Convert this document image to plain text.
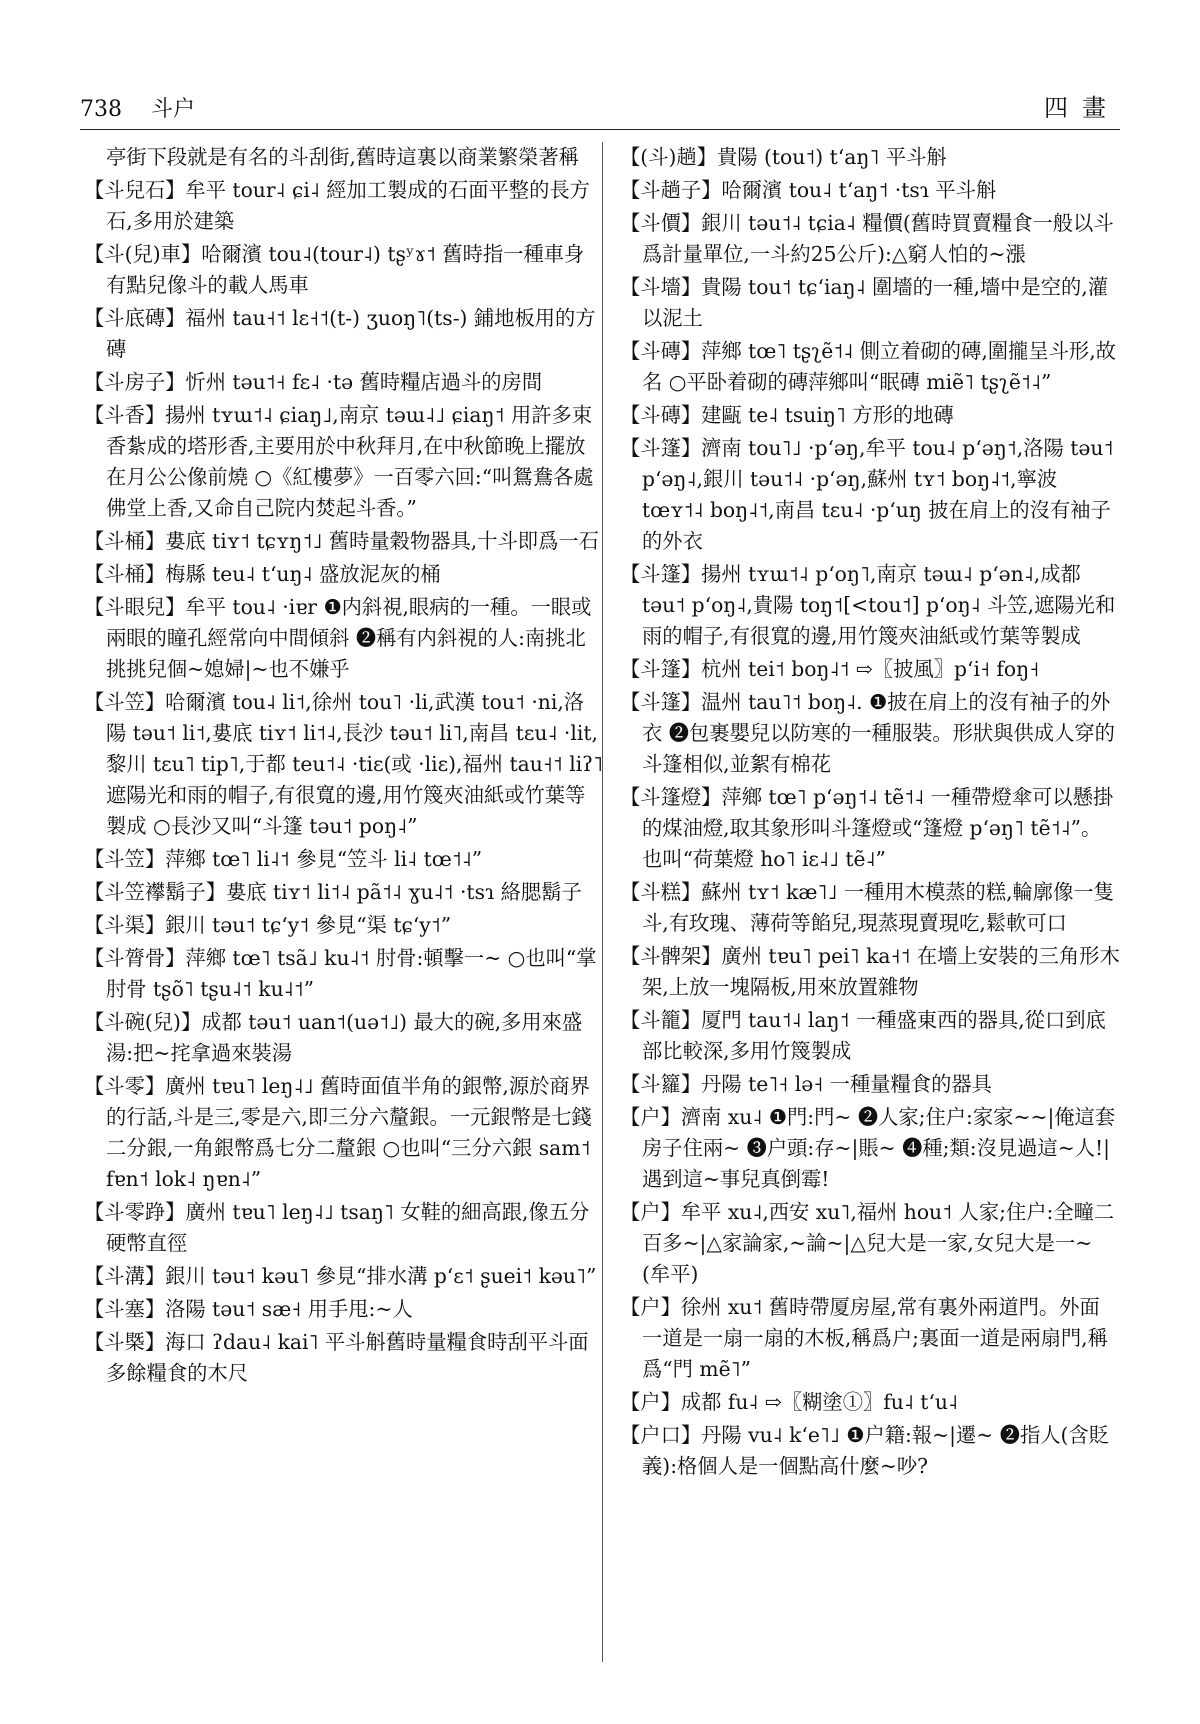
738 斗户	四畫

亭街下段就是有名的斗刮街,舊時這裏以商業繁榮著稱

【斗兒石】牟平 tour˨ ɕi˨ 經加工製成的石面平整的長方石,多用於建築

【斗(兒)車】哈爾濱 tou˨(tour˨) tʂʸɤ˦ 舊時指一種車身有點兒像斗的載人馬車

【斗底磚】福州 tau˧˦ lɛ˧˦(t-) ʒuoŋ˥(ts-) 鋪地板用的方磚

【斗房子】忻州 təu˦˧ fɛ˨ ·tə 舊時糧店過斗的房間

【斗香】揚州 tʏɯ˦˨ ɕiaŋ˩,南京 təɯ˨˩ ɕiaŋ˦ 用許多束香紮成的塔形香,主要用於中秋拜月,在中秋節晚上擺放在月公公像前燒 ○《紅樓夢》一百零六回:“叫鴛鴦各處佛堂上香,又命自己院内焚起斗香。”

【斗桶】婁底 tiʏ˦ tɕʏŋ˦˩ 舊時量穀物器具,十斗即爲一石

【斗桶】梅縣 teu˨ tʻuŋ˨ 盛放泥灰的桶

【斗眼兒】牟平 tou˨ ·iɐr ❶内斜視,眼病的一種。一眼或兩眼的瞳孔經常向中間傾斜 ❷稱有内斜視的人:南挑北挑挑兒個~媳婦|~也不嫌乎

【斗笠】哈爾濱 tou˨ li˦,徐州 tou˥ ·li,武漢 tou˦ ·ni,洛陽 təu˦ li˦,婁底 tiʏ˦ li˦˨,長沙 təu˦ li˥,南昌 tɛu˨ ·lit,黎川 tɛu˥ tip˥,于都 teu˦˨ ·tiɛ(或 ·liɛ),福州 tau˧˦ liʔ˥ 遮陽光和雨的帽子,有很寬的邊,用竹篾夾油紙或竹葉等製成 ○長沙又叫“斗篷 təu˦ poŋ˨”

【斗笠】萍鄉 tœ˥ li˨˦ 參見“笠斗 li˨ tœ˦˨”

【斗笠襻鬍子】婁底 tiʏ˦ li˦˨ pã˦˨ ɣu˨˦ ·tsɿ 絡腮鬍子

【斗渠】銀川 təu˦ tɕʻy˦ 參見“渠 tɕʻy˦”

【斗膂骨】萍鄉 tœ˥ tsã˩ ku˨˦ 肘骨:頓擊一~ ○也叫“掌肘骨 tʂõ˥ tʂu˨˦ ku˨˦”

【斗碗(兒)】成都 təu˦ uan˦(uə˦˩) 最大的碗,多用來盛湯:把~挓拿過來裝湯

【斗零】廣州 tɐu˥ leŋ˨˩ 舊時面值半角的銀幣,源於商界的行話,斗是三,零是六,即三分六釐銀。一元銀幣是七錢二分銀,一角銀幣爲七分二釐銀 ○也叫“三分六銀 sam˦ fɐn˦ lok˨ ŋɐn˨”

【斗零踭】廣州 tɐu˥ leŋ˨˩ tsaŋ˥ 女鞋的細高跟,像五分硬幣直徑

【斗溝】銀川 təu˦ kəu˥ 參見“排水溝 pʻɛ˦ ʂuei˦ kəu˥”

【斗塞】洛陽 təu˦ sæ˧ 用手甩:~人

【斗槩】海口 ʔdau˨ kai˥ 平斗斛舊時量糧食時刮平斗面多餘糧食的木尺

【(斗)趟】貴陽 (tou˦) tʻaŋ˥ 平斗斛

【斗趟子】哈爾濱 tou˨ tʻaŋ˦ ·tsɿ 平斗斛

【斗價】銀川 təu˦˨ tɕia˨ 糧價(舊時買賣糧食一般以斗爲計量單位,一斗約25公斤):△窮人怕的~漲

【斗墻】貴陽 tou˦ tɕʻiaŋ˨ 圍墻的一種,墻中是空的,灌以泥土

【斗磚】萍鄉 tœ˥ tʂʅẽ˦˨ 側立着砌的磚,圍攏呈斗形,故名 ○平卧着砌的磚萍鄉叫“眠磚 miẽ˥ tʂʅẽ˦˨”

【斗磚】建甌 te˨ tsuiŋ˥ 方形的地磚

【斗篷】濟南 tou˥˩ ·pʻəŋ,牟平 tou˨ pʻəŋ˦,洛陽 təu˦ pʻəŋ˨,銀川 təu˦˨ ·pʻəŋ,蘇州 tʏ˦ boŋ˨˦,寧波 tœʏ˦˨ boŋ˨˦,南昌 tɛu˨ ·pʻuŋ 披在肩上的沒有袖子的外衣

【斗篷】揚州 tʏɯ˦˨ pʻoŋ˥,南京 təɯ˨ pʻən˨,成都 təu˦ pʻoŋ˨,貴陽 toŋ˦[<tou˦] pʻoŋ˨ 斗笠,遮陽光和雨的帽子,有很寬的邊,用竹篾夾油紙或竹葉等製成

【斗篷】杭州 tei˦ boŋ˨˦ ⇨〖披風〗pʻi˧ foŋ˧

【斗篷】温州 tau˥˦ boŋ˨. ❶披在肩上的沒有袖子的外衣 ❷包裹嬰兒以防寒的一種服裝。形狀與供成人穿的斗篷相似,並絮有棉花

【斗篷燈】萍鄉 tœ˥ pʻəŋ˦˨ tẽ˦˨ 一種帶燈傘可以懸掛的煤油燈,取其象形叫斗篷燈或“篷燈 pʻəŋ˥ tẽ˦˨”。也叫“荷葉燈 ho˥ iɛ˨˩ tẽ˨”

【斗糕】蘇州 tʏ˦ kæ˥˩ 一種用木模蒸的糕,輪廓像一隻斗,有玫瑰、薄荷等餡兒,現蒸現賣現吃,鬆軟可口

【斗髀架】廣州 tɐu˥ pei˥ ka˧˦ 在墻上安裝的三角形木架,上放一塊隔板,用來放置雜物

【斗籠】厦門 tau˦˨ laŋ˦ 一種盛東西的器具,從口到底部比較深,多用竹篾製成

【斗籮】丹陽 te˥˧ lə˧ 一種量糧食的器具

【户】濟南 xu˨ ❶門:門~ ❷人家;住户:家家~~|俺這套房子住兩~ ❸户頭:存~|賬~ ❹種;類:沒見過這~人!|遇到這~事兒真倒霉!

【户】牟平 xu˨,西安 xu˥,福州 hou˦ 人家;住户:全疃二百多~|△家論家,~論~|△兒大是一家,女兒大是一~(牟平)

【户】徐州 xu˦ 舊時帶厦房屋,常有裏外兩道門。外面一道是一扇一扇的木板,稱爲户;裏面一道是兩扇門,稱爲“門 mẽ˥”

【户】成都 fu˨ ⇨〖糊塗①〗fu˨ tʻu˨

【户口】丹陽 vu˨ kʻe˥˩ ❶户籍:報~|遷~ ❷指人(含貶義):格個人是一個點高什麼~吵?
